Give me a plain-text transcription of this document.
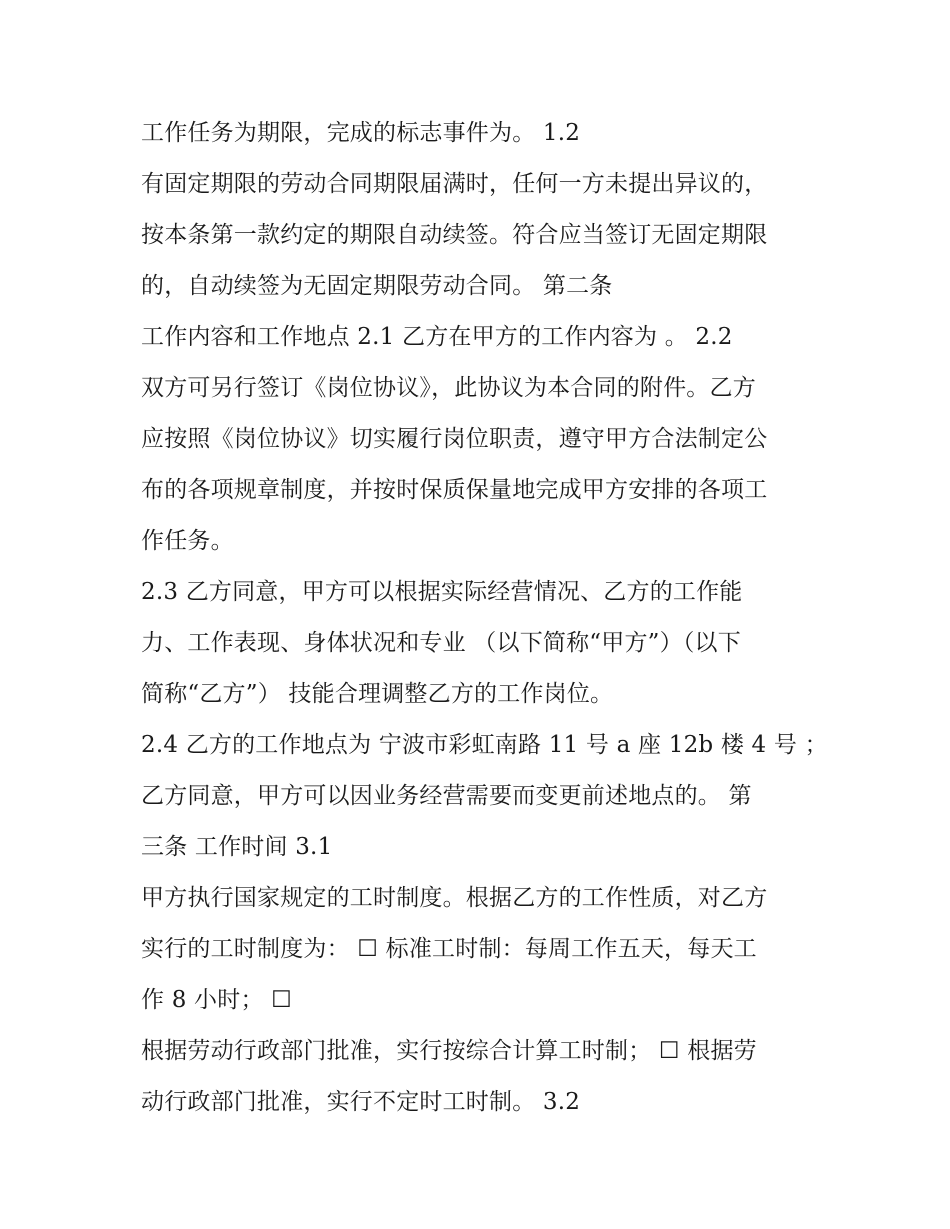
工作任务为期限，完成的标志事件为。 1.2
有固定期限的劳动合同期限届满时，任何一方未提出异议的，
按本条第一款约定的期限自动续签。符合应当签订无固定期限
的，自动续签为无固定期限劳动合同。 第二条
工作内容和工作地点 2.1 乙方在甲方的工作内容为 。 2.2
双方可另行签订《岗位协议》，此协议为本合同的附件。乙方
应按照《岗位协议》切实履行岗位职责，遵守甲方合法制定公
布的各项规章制度，并按时保质保量地完成甲方安排的各项工
作任务。
2.3 乙方同意，甲方可以根据实际经营情况、乙方的工作能
力、工作表现、身体状况和专业 （以下简称“甲方”）（以下
简称“乙方”） 技能合理调整乙方的工作岗位。
2.4 乙方的工作地点为 宁波市彩虹南路 11 号 a 座 12b 楼 4 号 ；
乙方同意，甲方可以因业务经营需要而变更前述地点的。 第
三条 工作时间 3.1
甲方执行国家规定的工时制度。根据乙方的工作性质，对乙方
实行的工时制度为： ☐ 标准工时制：每周工作五天，每天工
作 8 小时； ☐
根据劳动行政部门批准，实行按综合计算工时制； ☐ 根据劳
动行政部门批准，实行不定时工时制。 3.2
